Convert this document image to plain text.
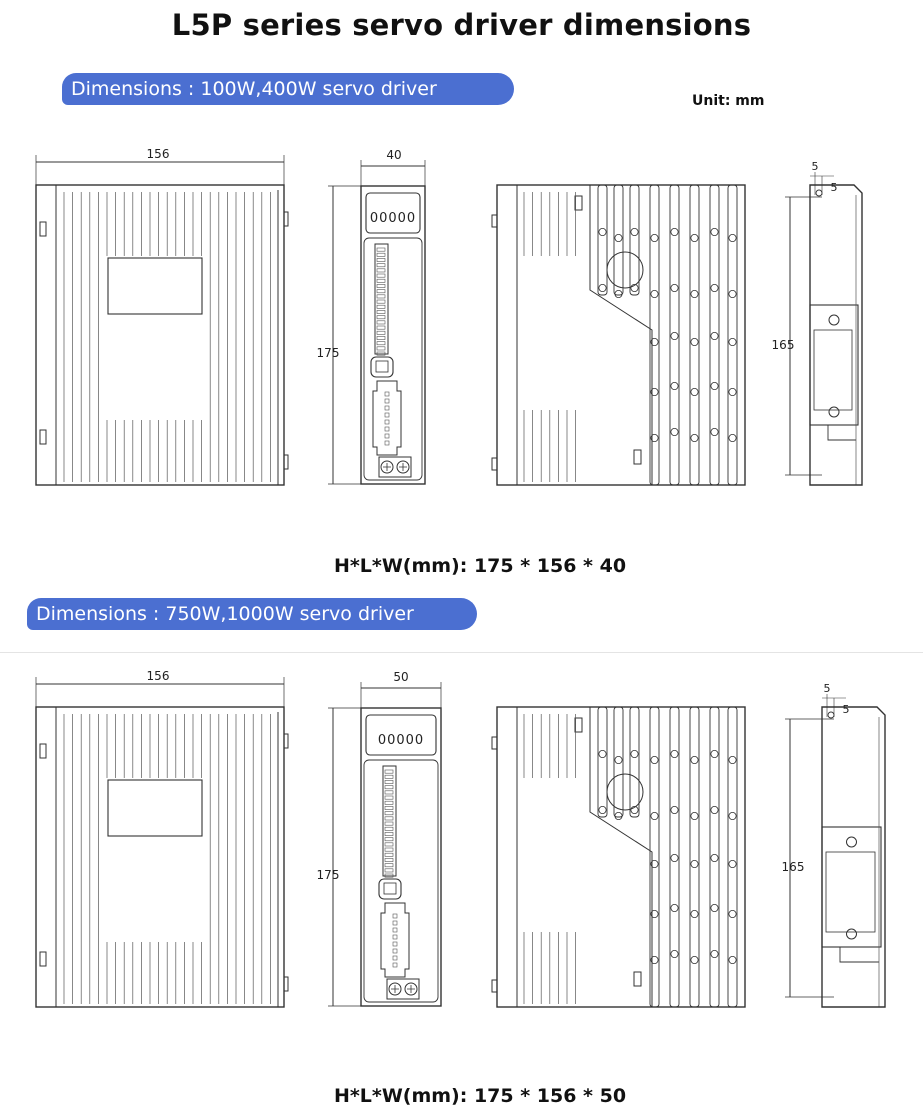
L5P series servo driver dimensions
Dimensions : 100W,400W servo driver
Unit: mm
156	40
175
00000
165
5
5
H*L*W(mm): 175 * 156 * 40
Dimensions : 750W,1000W servo driver
156	50
175
00000
165
5
5
H*L*W(mm): 175 * 156 * 50
